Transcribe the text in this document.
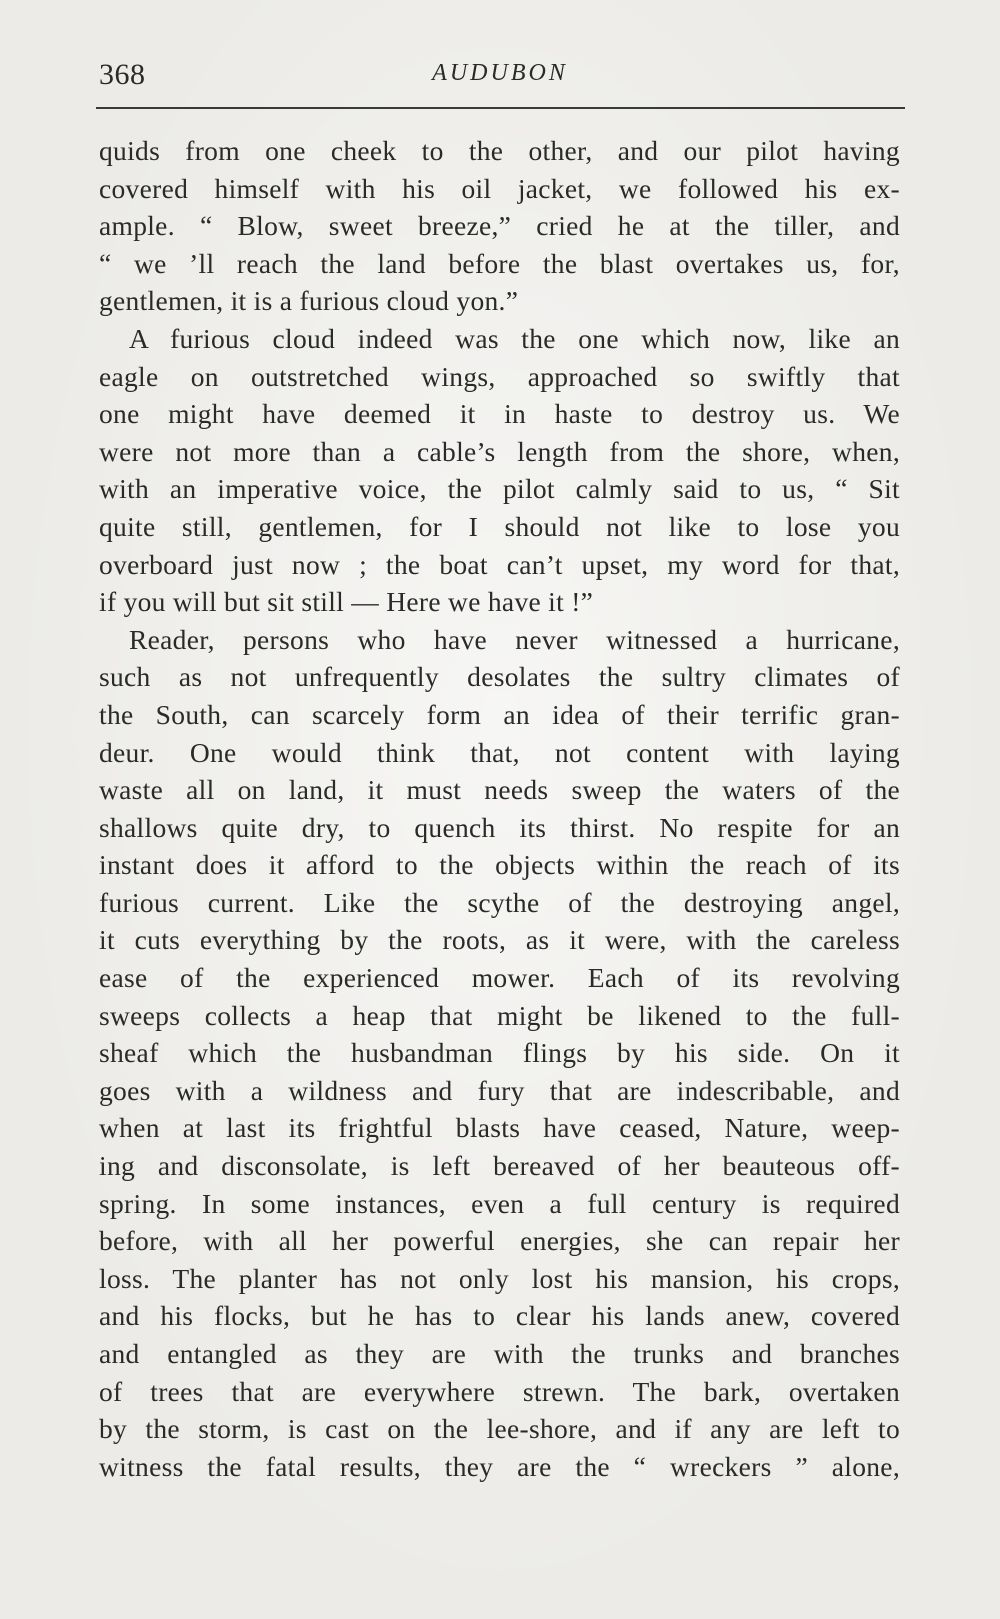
368	AUDUBON
quids from one cheek to the other, and our pilot having
covered himself with his oil jacket, we followed his ex-
ample. “ Blow, sweet breeze,” cried he at the tiller, and
“ we ’ll reach the land before the blast overtakes us, for,
gentlemen, it is a furious cloud yon.”
A furious cloud indeed was the one which now, like an
eagle on outstretched wings, approached so swiftly that
one might have deemed it in haste to destroy us. We
were not more than a cable’s length from the shore, when,
with an imperative voice, the pilot calmly said to us, “ Sit
quite still, gentlemen, for I should not like to lose you
overboard just now ; the boat can’t upset, my word for that,
if you will but sit still — Here we have it !”
Reader, persons who have never witnessed a hurricane,
such as not unfrequently desolates the sultry climates of
the South, can scarcely form an idea of their terrific gran-
deur. One would think that, not content with laying
waste all on land, it must needs sweep the waters of the
shallows quite dry, to quench its thirst. No respite for an
instant does it afford to the objects within the reach of its
furious current. Like the scythe of the destroying angel,
it cuts everything by the roots, as it were, with the careless
ease of the experienced mower. Each of its revolving
sweeps collects a heap that might be likened to the full-
sheaf which the husbandman flings by his side. On it
goes with a wildness and fury that are indescribable, and
when at last its frightful blasts have ceased, Nature, weep-
ing and disconsolate, is left bereaved of her beauteous off-
spring. In some instances, even a full century is required
before, with all her powerful energies, she can repair her
loss. The planter has not only lost his mansion, his crops,
and his flocks, but he has to clear his lands anew, covered
and entangled as they are with the trunks and branches
of trees that are everywhere strewn. The bark, overtaken
by the storm, is cast on the lee-shore, and if any are left to
witness the fatal results, they are the “ wreckers ” alone,
